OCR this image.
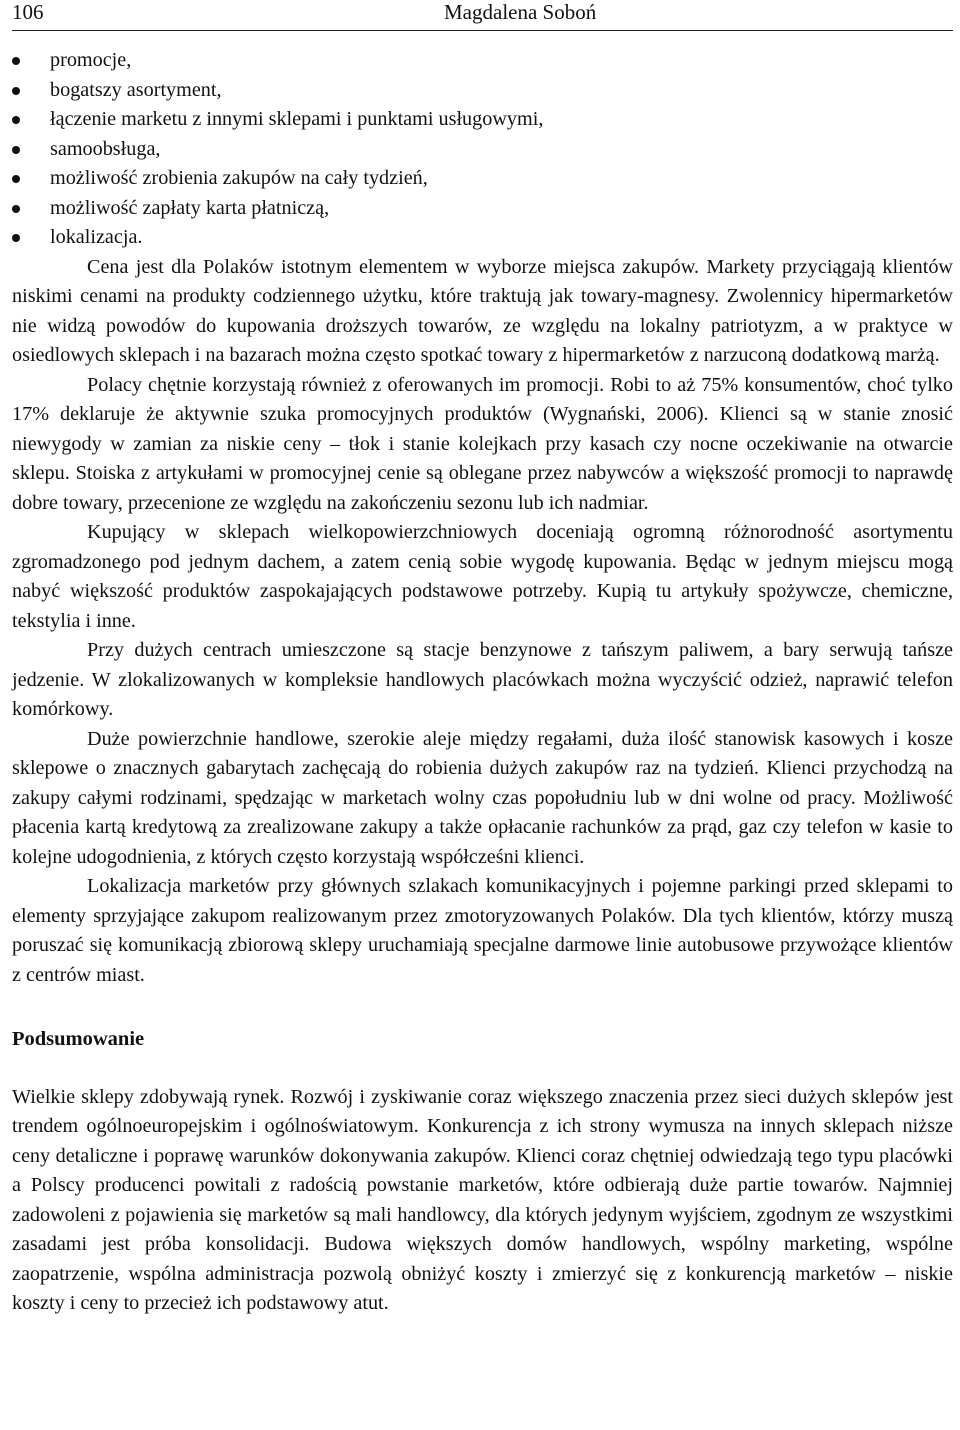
106	Magdalena Soboń
promocje,
bogatszy asortyment,
łączenie marketu z innymi sklepami i punktami usługowymi,
samoobsługa,
możliwość zrobienia zakupów na cały tydzień,
możliwość zapłaty karta płatniczą,
lokalizacja.

Cena jest dla Polaków istotnym elementem w wyborze miejsca zakupów. Markety przyciągają klientów niskimi cenami na produkty codziennego użytku, które traktują jak towary-magnesy. Zwolennicy hipermarketów nie widzą powodów do kupowania droższych towarów, ze względu na lokalny patriotyzm, a w praktyce w osiedlowych sklepach i na bazarach można często spotkać towary z hipermarketów z narzuconą dodatkową marżą.

Polacy chętnie korzystają również z oferowanych im promocji. Robi to aż 75% konsumentów, choć tylko 17% deklaruje że aktywnie szuka promocyjnych produktów (Wygnański, 2006). Klienci są w stanie znosić niewygody w zamian za niskie ceny – tłok i stanie kolejkach przy kasach czy nocne oczekiwanie na otwarcie sklepu. Stoiska z artykułami w promocyjnej cenie są oblegane przez nabywców a większość promocji to naprawdę dobre towary, przecenione ze względu na zakończeniu sezonu lub ich nadmiar.

Kupujący w sklepach wielkopowierzchniowych doceniają ogromną różnorodność asortymentu zgromadzonego pod jednym dachem, a zatem cenią sobie wygodę kupowania. Będąc w jednym miejscu mogą nabyć większość produktów zaspokajających podstawowe potrzeby. Kupią tu artykuły spożywcze, chemiczne, tekstylia i inne.

Przy dużych centrach umieszczone są stacje benzynowe z tańszym paliwem, a bary serwują tańsze jedzenie. W zlokalizowanych w kompleksie handlowych placówkach można wyczyścić odzież, naprawić telefon komórkowy.

Duże powierzchnie handlowe, szerokie aleje między regałami, duża ilość stanowisk kasowych i kosze sklepowe o znacznych gabarytach zachęcają do robienia dużych zakupów raz na tydzień. Klienci przychodzą na zakupy całymi rodzinami, spędzając w marketach wolny czas popołudniu lub w dni wolne od pracy. Możliwość płacenia kartą kredytową za zrealizowane zakupy a także opłacanie rachunków za prąd, gaz czy telefon w kasie to kolejne udogodnienia, z których często korzystają współcześni klienci.

Lokalizacja marketów przy głównych szlakach komunikacyjnych i pojemne parkingi przed sklepami to elementy sprzyjające zakupom realizowanym przez zmotoryzowanych Polaków. Dla tych klientów, którzy muszą poruszać się komunikacją zbiorową sklepy uruchamiają specjalne darmowe linie autobusowe przywożące klientów z centrów miast.

Podsumowanie

Wielkie sklepy zdobywają rynek. Rozwój i zyskiwanie coraz większego znaczenia przez sieci dużych sklepów jest trendem ogólnoeuropejskim i ogólnoświatowym. Konkurencja z ich strony wymusza na innych sklepach niższe ceny detaliczne i poprawę warunków dokonywania zakupów. Klienci coraz chętniej odwiedzają tego typu placówki a Polscy producenci powitali z radością powstanie marketów, które odbierają duże partie towarów. Najmniej zadowoleni z pojawienia się marketów są mali handlowcy, dla których jedynym wyjściem, zgodnym ze wszystkimi zasadami jest próba konsolidacji. Budowa większych domów handlowych, wspólny marketing, wspólne zaopatrzenie, wspólna administracja pozwolą obniżyć koszty i zmierzyć się z konkurencją marketów – niskie koszty i ceny to przecież ich podstawowy atut.
